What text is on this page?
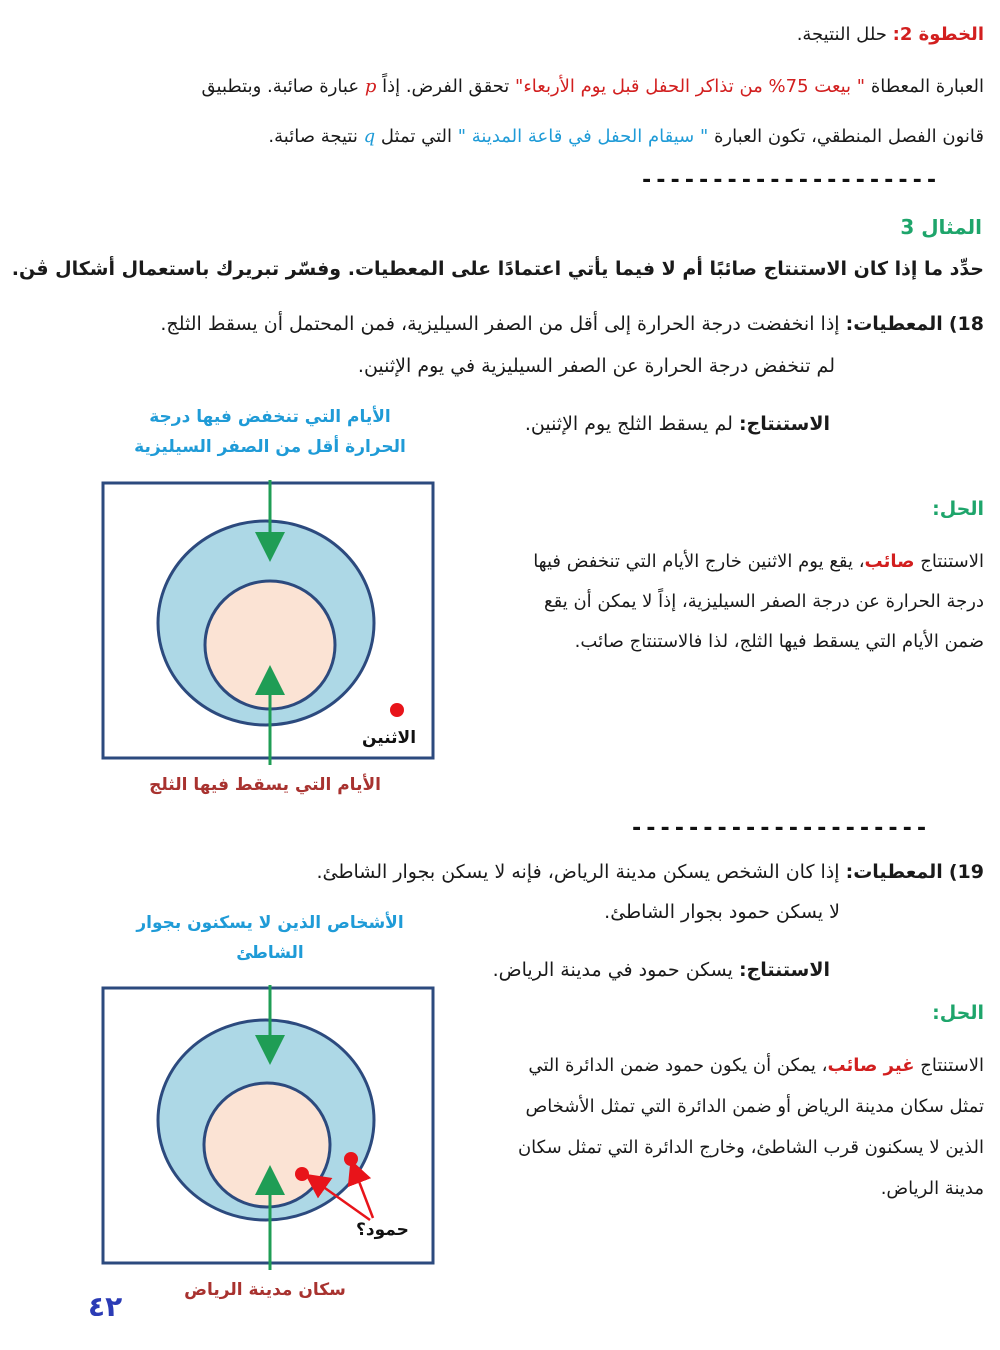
الخطوة 2: حلل النتيجة.
العبارة المعطاة " بيعت 75% من تذاكر الحفل قبل يوم الأربعاء" تحقق الفرض. إذاً p عبارة صائبة. وبتطبيق
قانون الفصل المنطقي، تكون العبارة " سيقام الحفل في قاعة المدينة " التي تمثل q نتيجة صائبة.
---------------------
المثال 3
حدِّد ما إذا كان الاستنتاج صائبًا أم لا فيما يأتي اعتمادًا على المعطيات. وفسّر تبريرك باستعمال أشكال ڤن.
18) المعطيات: إذا انخفضت درجة الحرارة إلى أقل من الصفر السيليزية، فمن المحتمل أن يسقط الثلج.
لم تنخفض درجة الحرارة عن الصفر السيليزية في يوم الإثنين.
الاستنتاج: لم يسقط الثلج يوم الإثنين.
الأيام التي تنخفض فيها درجة
الحرارة أقل من الصفر السيليزية
الاثنين
الأيام التي يسقط فيها الثلج
الحل:
الاستنتاج صائب، يقع يوم الاثنين خارج الأيام التي تنخفض فيها
درجة الحرارة عن درجة الصفر السيليزية، إذاً لا يمكن أن يقع
ضمن الأيام التي يسقط فيها الثلج، لذا فالاستنتاج صائب.
---------------------
19) المعطيات: إذا كان الشخص يسكن مدينة الرياض، فإنه لا يسكن بجوار الشاطئ.
لا يسكن حمود بجوار الشاطئ.
الاستنتاج: يسكن حمود في مدينة الرياض.
الأشخاص الذين لا يسكنون بجوار
الشاطئ
حمود؟
سكان مدينة الرياض
الحل:
الاستنتاج غير صائب، يمكن أن يكون حمود ضمن الدائرة التي
تمثل سكان مدينة الرياض أو ضمن الدائرة التي تمثل الأشخاص
الذين لا يسكنون قرب الشاطئ، وخارج الدائرة التي تمثل سكان
مدينة الرياض.
٤٢
